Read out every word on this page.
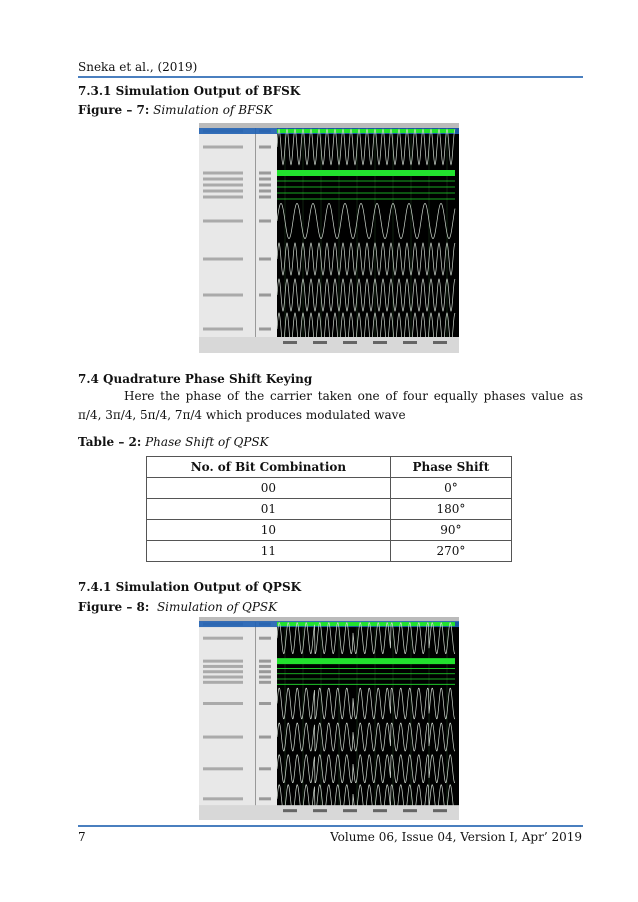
Sneka et al., (2019)
7.3.1 Simulation Output of BFSK
Figure – 7: Simulation of BFSK
7.4 Quadrature Phase Shift Keying
Here the phase of the carrier taken one of four equally phases value as π/4, 3π/4, 5π/4, 7π/4 which produces modulated wave
Table – 2: Phase Shift of QPSK
No. of Bit Combination	Phase Shift
00	0°
01	180°
10	90°
11	270°
7.4.1 Simulation Output of QPSK
Figure – 8: Simulation of QPSK
7	Volume 06, Issue 04, Version I, Apr’ 2019
